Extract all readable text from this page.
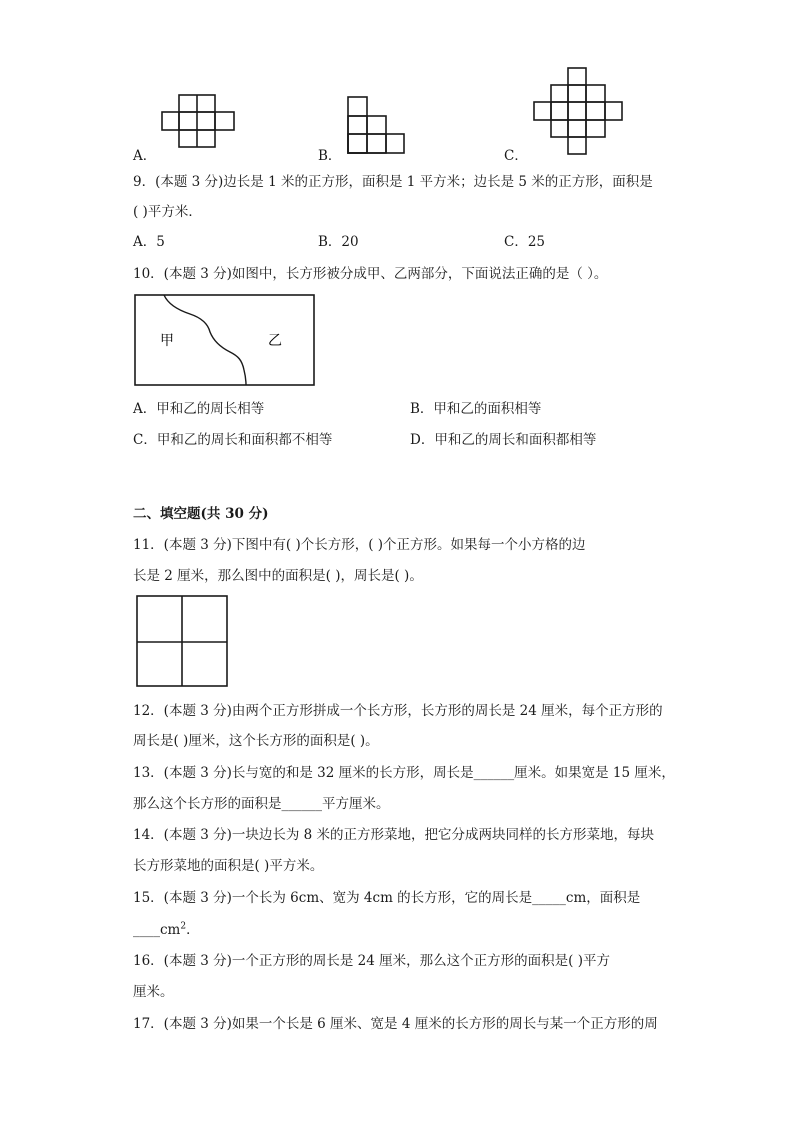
A．	B．	C．
9．(本题 3 分)边长是 1 米的正方形，面积是 1 平方米；边长是 5 米的正方形，面积是
( )平方米．
A．5	B．20	C．25
10．(本题 3 分)如图中，长方形被分成甲、乙两部分，下面说法正确的是（ ）。
甲	乙
A．甲和乙的周长相等	B．甲和乙的面积相等
C．甲和乙的周长和面积都不相等	D．甲和乙的周长和面积都相等
二、填空题(共 30 分)
11．(本题 3 分)下图中有( )个长方形，( )个正方形。如果每一个小方格的边
长是 2 厘米，那么图中的面积是( )，周长是( )。
12．(本题 3 分)由两个正方形拼成一个长方形，长方形的周长是 24 厘米，每个正方形的
周长是( )厘米，这个长方形的面积是( )。
13．(本题 3 分)长与宽的和是 32 厘米的长方形，周长是______厘米。如果宽是 15 厘米，
那么这个长方形的面积是______平方厘米。
14．(本题 3 分)一块边长为 8 米的正方形菜地，把它分成两块同样的长方形菜地，每块
长方形菜地的面积是( )平方米。
15．(本题 3 分)一个长为 6cm、宽为 4cm 的长方形，它的周长是_____cm，面积是
$\_\_\_\_cm^2$．
16．(本题 3 分)一个正方形的周长是 24 厘米，那么这个正方形的面积是( )平方
厘米。
17．(本题 3 分)如果一个长是 6 厘米、宽是 4 厘米的长方形的周长与某一个正方形的周
